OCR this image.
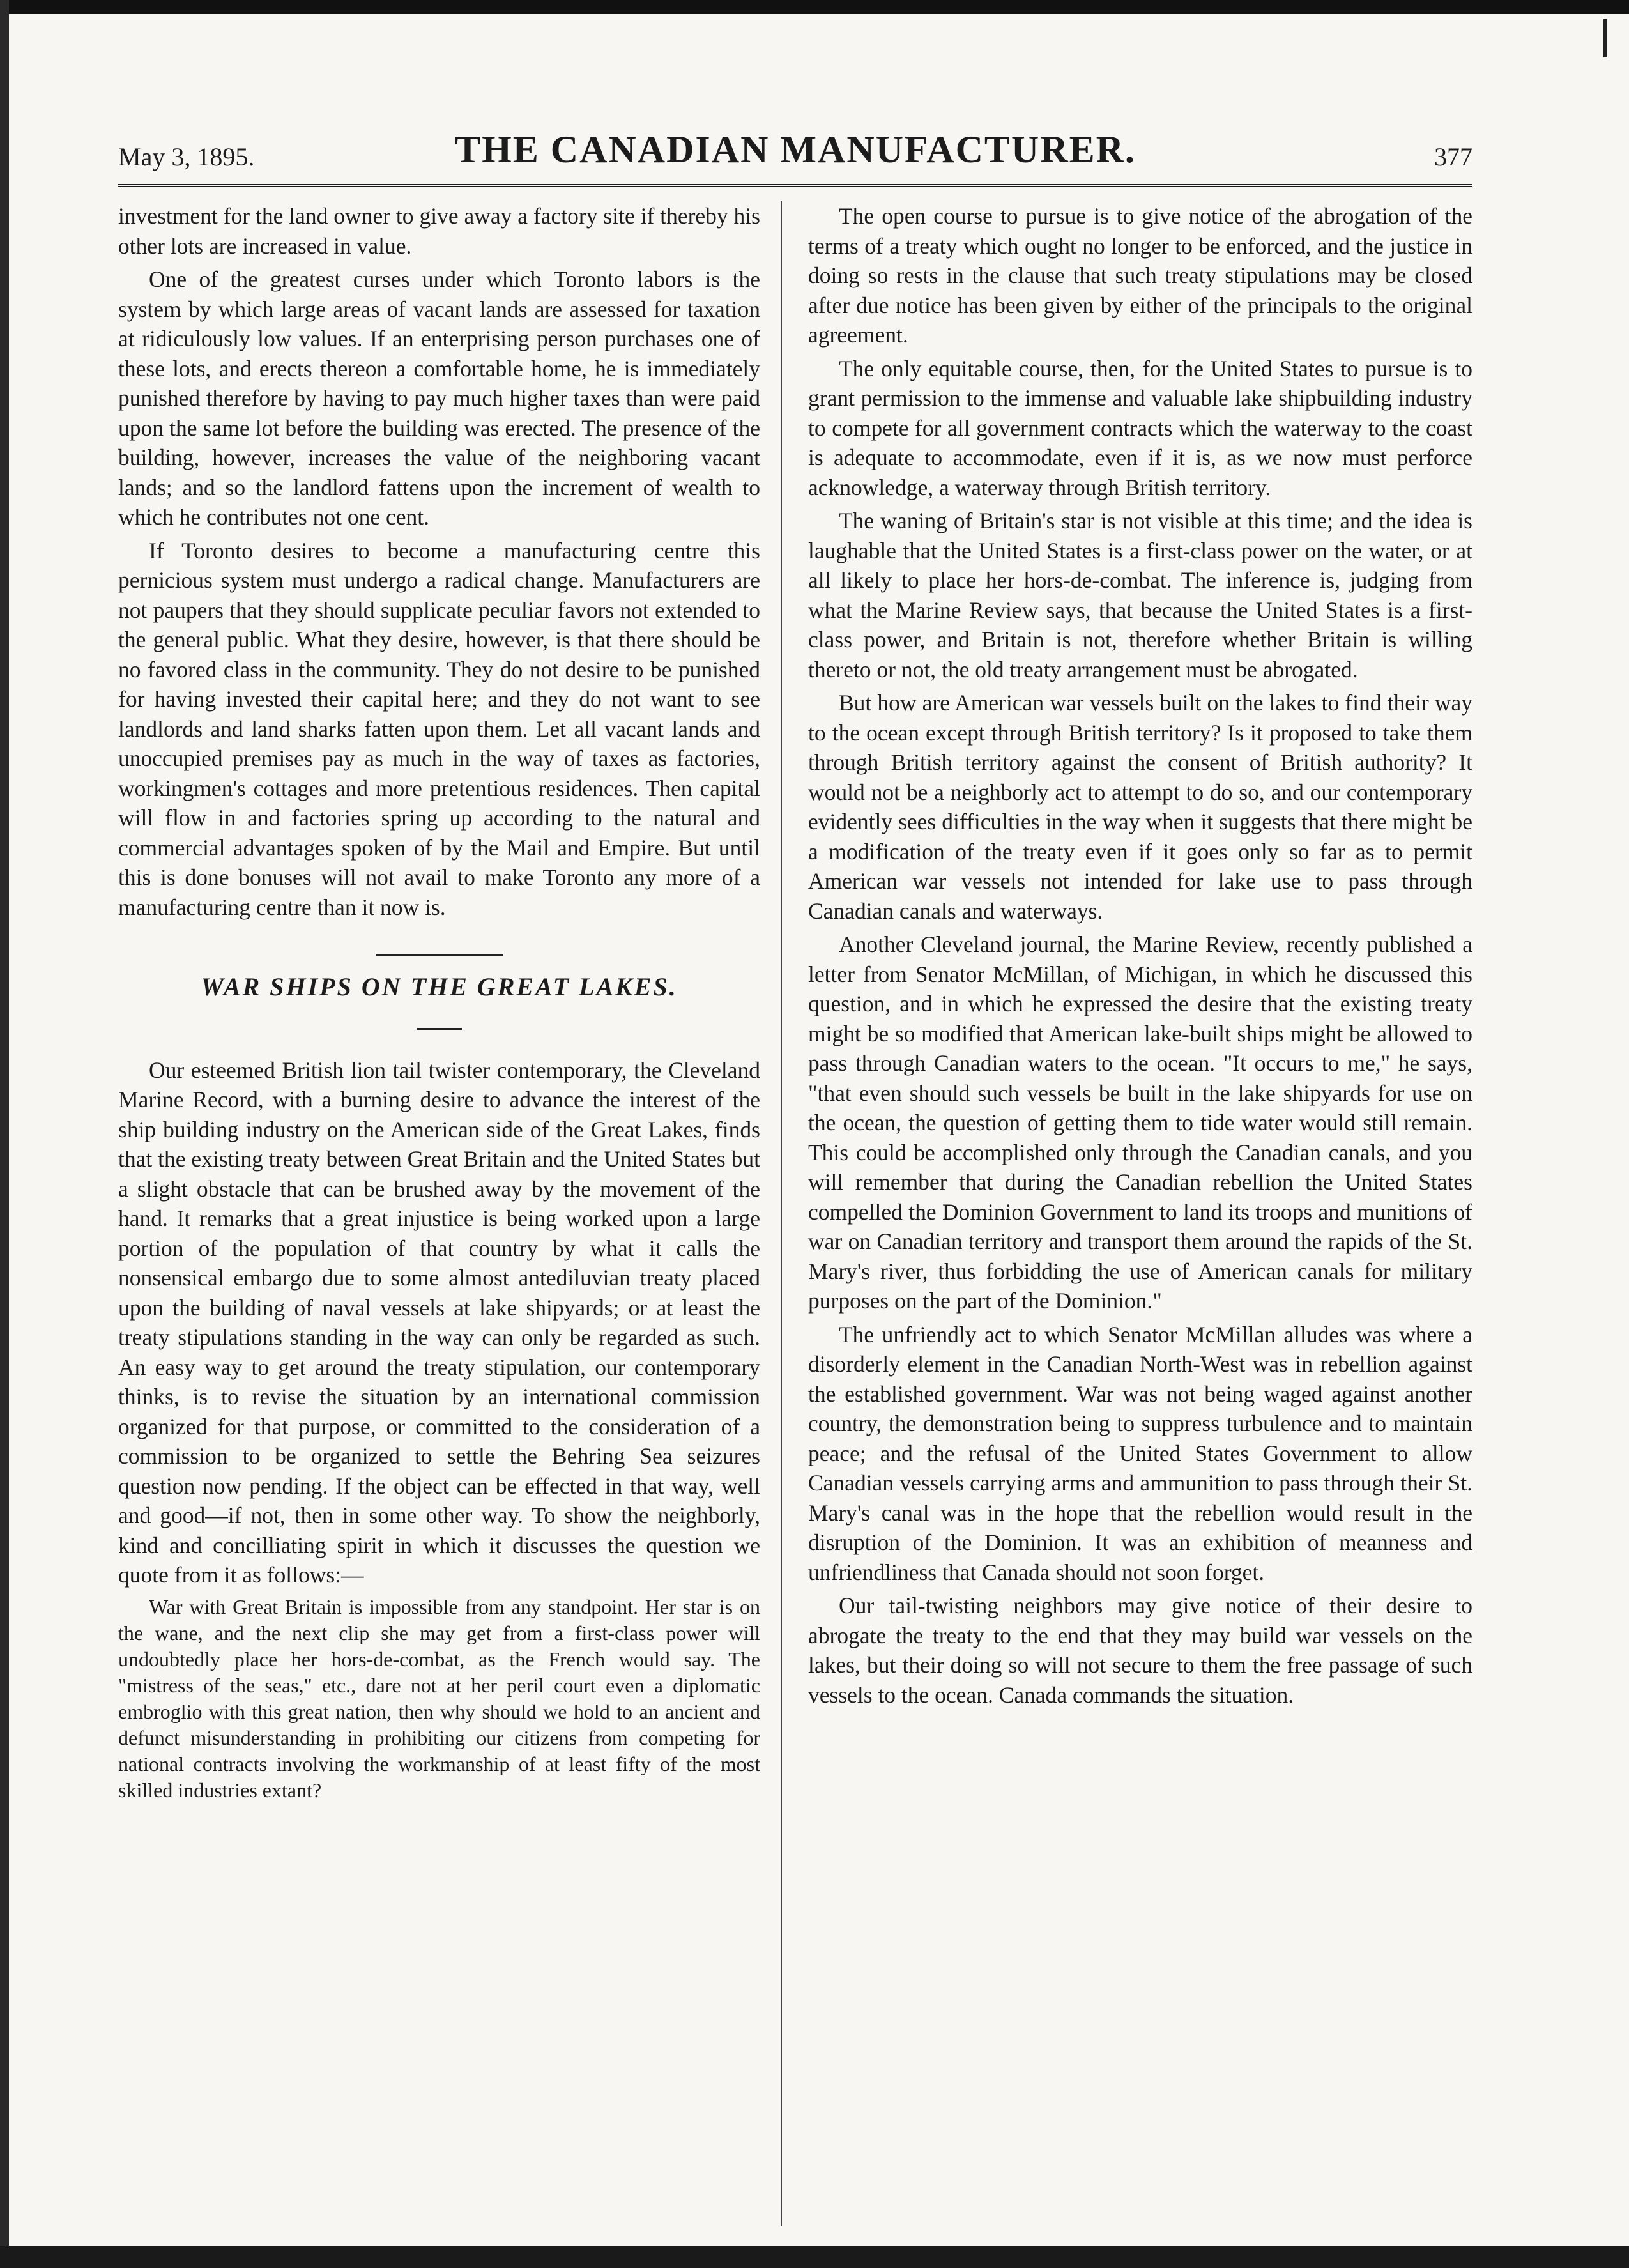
May 3, 1895.	THE CANADIAN MANUFACTURER.	377

investment for the land owner to give away a factory site if thereby his other lots are increased in value.

One of the greatest curses under which Toronto labors is the system by which large areas of vacant lands are assessed for taxation at ridiculously low values. If an enterprising person purchases one of these lots, and erects thereon a comfortable home, he is immediately punished therefore by having to pay much higher taxes than were paid upon the same lot before the building was erected. The presence of the building, however, increases the value of the neighboring vacant lands; and so the landlord fattens upon the increment of wealth to which he contributes not one cent.

If Toronto desires to become a manufacturing centre this pernicious system must undergo a radical change. Manufacturers are not paupers that they should supplicate peculiar favors not extended to the general public. What they desire, however, is that there should be no favored class in the community. They do not desire to be punished for having invested their capital here; and they do not want to see landlords and land sharks fatten upon them. Let all vacant lands and unoccupied premises pay as much in the way of taxes as factories, workingmen's cottages and more pretentious residences. Then capital will flow in and factories spring up according to the natural and commercial advantages spoken of by the Mail and Empire. But until this is done bonuses will not avail to make Toronto any more of a manufacturing centre than it now is.

WAR SHIPS ON THE GREAT LAKES.

Our esteemed British lion tail twister contemporary, the Cleveland Marine Record, with a burning desire to advance the interest of the ship building industry on the American side of the Great Lakes, finds that the existing treaty between Great Britain and the United States but a slight obstacle that can be brushed away by the movement of the hand. It remarks that a great injustice is being worked upon a large portion of the population of that country by what it calls the nonsensical embargo due to some almost antediluvian treaty placed upon the building of naval vessels at lake shipyards; or at least the treaty stipulations standing in the way can only be regarded as such. An easy way to get around the treaty stipulation, our contemporary thinks, is to revise the situation by an international commission organized for that purpose, or committed to the consideration of a commission to be organized to settle the Behring Sea seizures question now pending. If the object can be effected in that way, well and good—if not, then in some other way. To show the neighborly, kind and concilliating spirit in which it discusses the question we quote from it as follows:—

War with Great Britain is impossible from any standpoint. Her star is on the wane, and the next clip she may get from a first-class power will undoubtedly place her hors-de-combat, as the French would say. The "mistress of the seas," etc., dare not at her peril court even a diplomatic embroglio with this great nation, then why should we hold to an ancient and defunct misunderstanding in prohibiting our citizens from competing for national contracts involving the workmanship of at least fifty of the most skilled industries extant?

The open course to pursue is to give notice of the abrogation of the terms of a treaty which ought no longer to be enforced, and the justice in doing so rests in the clause that such treaty stipulations may be closed after due notice has been given by either of the principals to the original agreement.

The only equitable course, then, for the United States to pursue is to grant permission to the immense and valuable lake shipbuilding industry to compete for all government contracts which the waterway to the coast is adequate to accommodate, even if it is, as we now must perforce acknowledge, a waterway through British territory.

The waning of Britain's star is not visible at this time; and the idea is laughable that the United States is a first-class power on the water, or at all likely to place her hors-de-combat. The inference is, judging from what the Marine Review says, that because the United States is a first-class power, and Britain is not, therefore whether Britain is willing thereto or not, the old treaty arrangement must be abrogated.

But how are American war vessels built on the lakes to find their way to the ocean except through British territory? Is it proposed to take them through British territory against the consent of British authority? It would not be a neighborly act to attempt to do so, and our contemporary evidently sees difficulties in the way when it suggests that there might be a modification of the treaty even if it goes only so far as to permit American war vessels not intended for lake use to pass through Canadian canals and waterways.

Another Cleveland journal, the Marine Review, recently published a letter from Senator McMillan, of Michigan, in which he discussed this question, and in which he expressed the desire that the existing treaty might be so modified that American lake-built ships might be allowed to pass through Canadian waters to the ocean. "It occurs to me," he says, "that even should such vessels be built in the lake shipyards for use on the ocean, the question of getting them to tide water would still remain. This could be accomplished only through the Canadian canals, and you will remember that during the Canadian rebellion the United States compelled the Dominion Government to land its troops and munitions of war on Canadian territory and transport them around the rapids of the St. Mary's river, thus forbidding the use of American canals for military purposes on the part of the Dominion."

The unfriendly act to which Senator McMillan alludes was where a disorderly element in the Canadian North-West was in rebellion against the established government. War was not being waged against another country, the demonstration being to suppress turbulence and to maintain peace; and the refusal of the United States Government to allow Canadian vessels carrying arms and ammunition to pass through their St. Mary's canal was in the hope that the rebellion would result in the disruption of the Dominion. It was an exhibition of meanness and unfriendliness that Canada should not soon forget.

Our tail-twisting neighbors may give notice of their desire to abrogate the treaty to the end that they may build war vessels on the lakes, but their doing so will not secure to them the free passage of such vessels to the ocean. Canada commands the situation.
